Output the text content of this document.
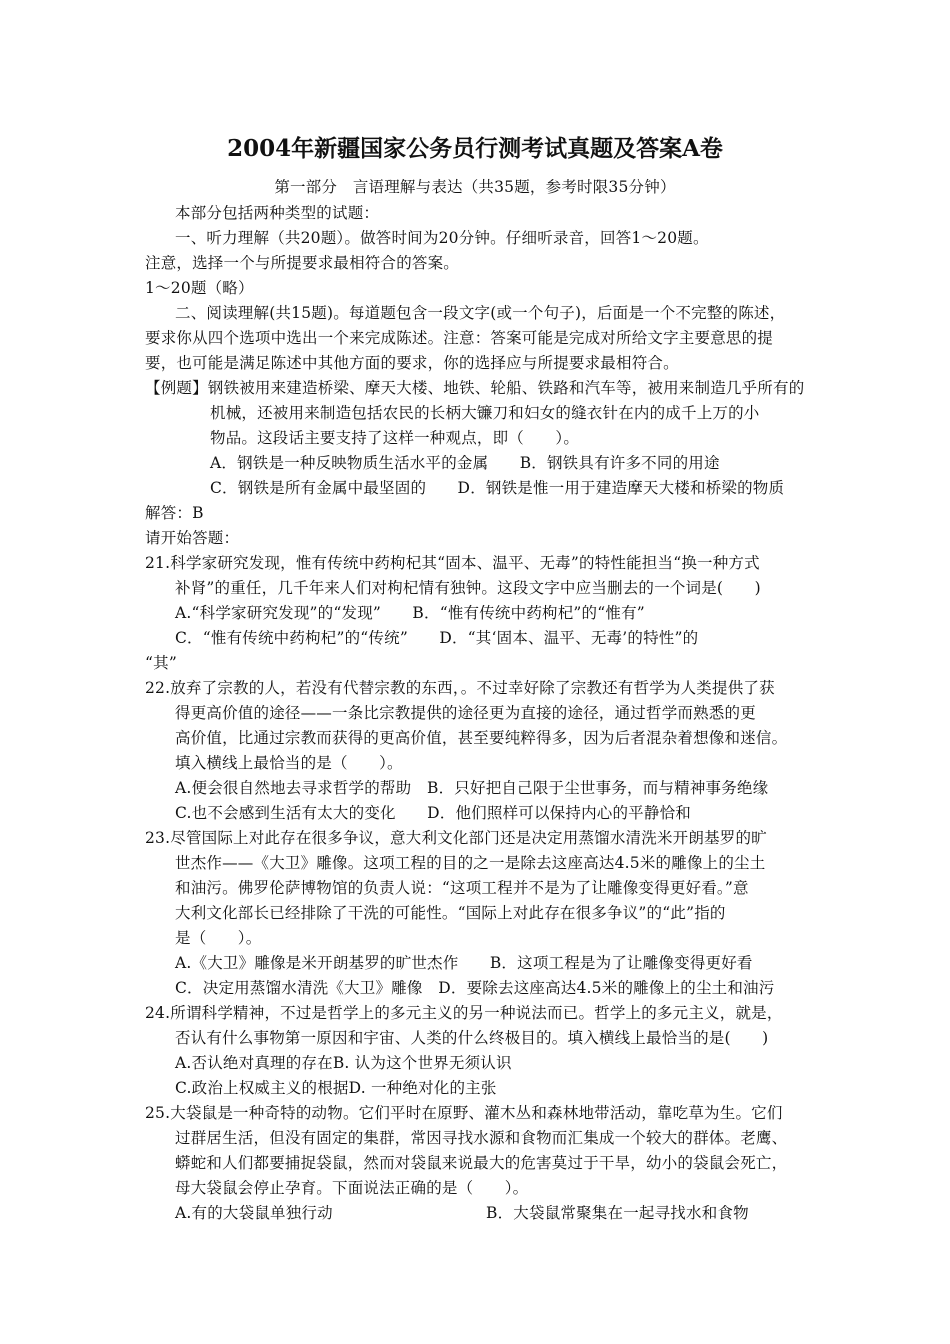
2004年新疆国家公务员行测考试真题及答案A卷
第一部分　言语理解与表达（共35题，参考时限35分钟）
本部分包括两种类型的试题：
一、听力理解（共20题）。做答时间为20分钟。仔细听录音，回答1～20题。
注意，选择一个与所提要求最相符合的答案。
1～20题（略）
二、阅读理解(共15题)。每道题包含一段文字(或一个句子)，后面是一个不完整的陈述，
要求你从四个选项中选出一个来完成陈述。注意：答案可能是完成对所给文字主要意思的提
要，也可能是满足陈述中其他方面的要求，你的选择应与所提要求最相符合。
【例题】钢铁被用来建造桥梁、摩天大楼、地铁、轮船、铁路和汽车等，被用来制造几乎所有的
机械，还被用来制造包括农民的长柄大镰刀和妇女的缝衣针在内的成千上万的小
物品。这段话主要支持了这样一种观点，即（　　）。
A．钢铁是一种反映物质生活水平的金属　　B．钢铁具有许多不同的用途
C．钢铁是所有金属中最坚固的　　D．钢铁是惟一用于建造摩天大楼和桥梁的物质
解答：B
请开始答题：
21.科学家研究发现，惟有传统中药枸杞其“固本、温平、无毒”的特性能担当“换一种方式
补肾”的重任，几千年来人们对枸杞情有独钟。这段文字中应当删去的一个词是(　　)
A.“科学家研究发现”的“发现”　　B．“惟有传统中药枸杞”的“惟有”
C．“惟有传统中药枸杞”的“传统”　　D．“其‘固本、温平、无毒’的特性”的
“其”
22.放弃了宗教的人，若没有代替宗教的东西，。不过幸好除了宗教还有哲学为人类提供了获
得更高价值的途径——一条比宗教提供的途径更为直接的途径，通过哲学而熟悉的更
高价值，比通过宗教而获得的更高价值，甚至要纯粹得多，因为后者混杂着想像和迷信。
填入横线上最恰当的是（　　）。
A.便会很自然地去寻求哲学的帮助　B．只好把自己限于尘世事务，而与精神事务绝缘
C.也不会感到生活有太大的变化　　D．他们照样可以保持内心的平静恰和
23.尽管国际上对此存在很多争议，意大利文化部门还是决定用蒸馏水清洗米开朗基罗的旷
世杰作——《大卫》雕像。这项工程的目的之一是除去这座高达4.5米的雕像上的尘土
和油污。佛罗伦萨博物馆的负责人说：“这项工程并不是为了让雕像变得更好看。”意
大利文化部长已经排除了干洗的可能性。“国际上对此存在很多争议”的“此”指的
是（　　）。
A.《大卫》雕像是米开朗基罗的旷世杰作　　B．这项工程是为了让雕像变得更好看
C．决定用蒸馏水清洗《大卫》雕像　D．要除去这座高达4.5米的雕像上的尘土和油污
24.所谓科学精神，不过是哲学上的多元主义的另一种说法而已。哲学上的多元主义，就是，
否认有什么事物第一原因和宇宙、人类的什么终极目的。填入横线上最恰当的是(　　)
A.否认绝对真理的存在B. 认为这个世界无须认识
C.政治上权威主义的根据D. 一种绝对化的主张
25.大袋鼠是一种奇特的动物。它们平时在原野、灌木丛和森林地带活动，靠吃草为生。它们
过群居生活，但没有固定的集群，常因寻找水源和食物而汇集成一个较大的群体。老鹰、
蟒蛇和人们都要捕捉袋鼠，然而对袋鼠来说最大的危害莫过于干旱，幼小的袋鼠会死亡，
母大袋鼠会停止孕育。下面说法正确的是（　　）。
A.有的大袋鼠单独行动	B．大袋鼠常聚集在一起寻找水和食物
